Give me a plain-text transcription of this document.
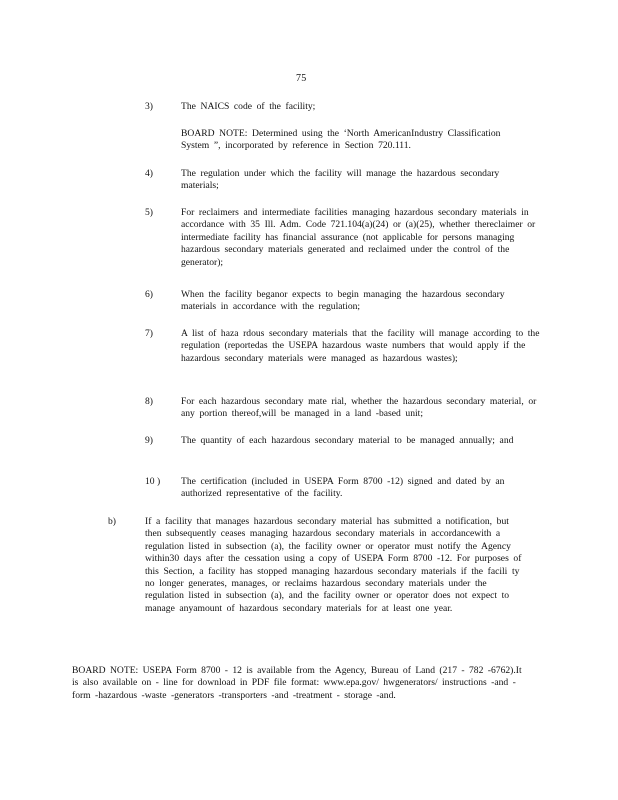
75
3)	The NAICS code of the facility;
BOARD NOTE: Determined using the ‘North AmericanIndustry Classification System ”, incorporated by reference in Section 720.111.
4)	The regulation under which the facility will manage the hazardous secondary materials;
5)	For reclaimers and intermediate facilities managing hazardous secondary materials in accordance with 35 Ill. Adm. Code 721.104(a)(24) or (a)(25), whether thereclaimer or intermediate facility has financial assurance (not applicable for persons managing hazardous secondary materials generated and reclaimed under the control of the generator);
6)	When the facility beganor expects to begin managing the hazardous secondary materials in accordance with the regulation;
7)	A list of haza rdous secondary materials that the facility will manage according to the regulation (reportedas the USEPA hazardous waste numbers that would apply if the hazardous secondary materials were managed as hazardous wastes);
8)	For each hazardous secondary mate rial, whether the hazardous secondary material, or any portion thereof,will be managed in a land -based unit;
9)	The quantity of each hazardous secondary material to be managed annually; and
10 )	The certification (included in USEPA Form 8700 -12) signed and dated by an authorized representative of the facility.
b)	If a facility that manages hazardous secondary material has submitted a notification, but then subsequently ceases managing hazardous secondary materials in accordancewith a regulation listed in subsection (a), the facility owner or operator must notify the Agency within30 days after the cessation using a copy of USEPA Form 8700 -12. For purposes of this Section, a facility has stopped managing hazardous secondary materials if the facili ty no longer generates, manages, or reclaims hazardous secondary materials under the regulation listed in subsection (a), and the facility owner or operator does not expect to manage anyamount of hazardous secondary materials for at least one year.
BOARD NOTE: USEPA Form 8700 - 12 is available from the Agency, Bureau of Land (217 - 782 -6762).It is also available on - line for download in PDF file format: www.epa.gov/ hwgenerators/ instructions -and -form -hazardous -waste -generators -transporters -and -treatment - storage -and.
